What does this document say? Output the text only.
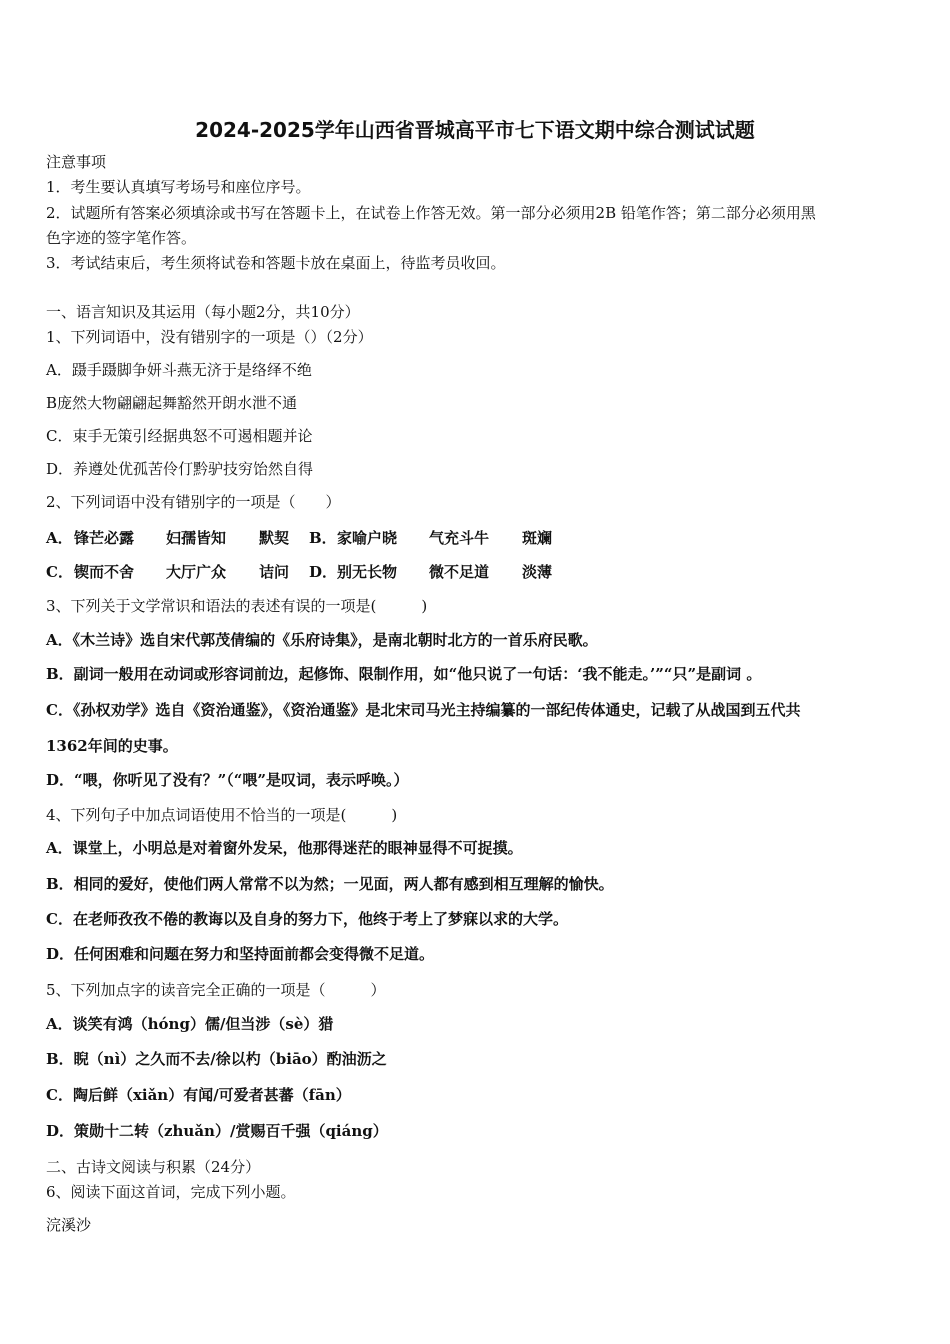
2024-2025学年山西省晋城高平市七下语文期中综合测试试题
注意事项
1．考生要认真填写考场号和座位序号。
2．试题所有答案必须填涂或书写在答题卡上，在试卷上作答无效。第一部分必须用2B 铅笔作答；第二部分必须用黑
色字迹的签字笔作答。
3．考试结束后，考生须将试卷和答题卡放在桌面上，待监考员收回。
一、语言知识及其运用（每小题2分，共10分）
1、下列词语中，没有错别字的一项是（）（2分）
A．蹑手蹑脚争妍斗燕无济于是络绎不绝
B庞然大物翩翩起舞豁然开朗水泄不通
C．束手无策引经据典怒不可遏相题并论
D．养遵处优孤苦伶仃黔驴技穷饴然自得
2、下列词语中没有错别字的一项是（　　）
A．锋芒必露 妇孺皆知 默契 B．家喻户晓 气充斗牛 斑斓
C．锲而不舍 大厅广众 诘问 D．别无长物 微不足道 淡薄
3、下列关于文学常识和语法的表述有误的一项是(　　　)
A．《木兰诗》选自宋代郭茂倩编的《乐府诗集》，是南北朝时北方的一首乐府民歌。
B．副词一般用在动词或形容词前边，起修饰、限制作用，如“他只说了一句话：‘我不能走。’”“只”是副词 。
C．《孙权劝学》选自《资治通鉴》，《资治通鉴》是北宋司马光主持编纂的一部纪传体通史，记载了从战国到五代共
1362年间的史事。
D．“喂，你听见了没有？”（“喂”是叹词，表示呼唤。）
4、下列句子中加点词语使用不恰当的一项是(　　　)
A．课堂上，小明总是对着窗外发呆，他那得迷茫的眼神显得不可捉摸。
B．相同的爱好，使他们两人常常不以为然；一见面，两人都有感到相互理解的愉快。
C．在老师孜孜不倦的教诲以及自身的努力下，他终于考上了梦寐以求的大学。
D．任何困难和问题在努力和坚持面前都会变得微不足道。
5、下列加点字的读音完全正确的一项是（　　　）
A．谈笑有鸿（hóng）儒/但当涉（sè）猎
B．睨（nì）之久而不去/徐以杓（biāo）酌油沥之
C．陶后鲜（xiǎn）有闻/可爱者甚蕃（fān）
D．策勋十二转（zhuǎn）/赏赐百千强（qiáng）
二、古诗文阅读与积累（24分）
6、阅读下面这首词，完成下列小题。
浣溪沙
